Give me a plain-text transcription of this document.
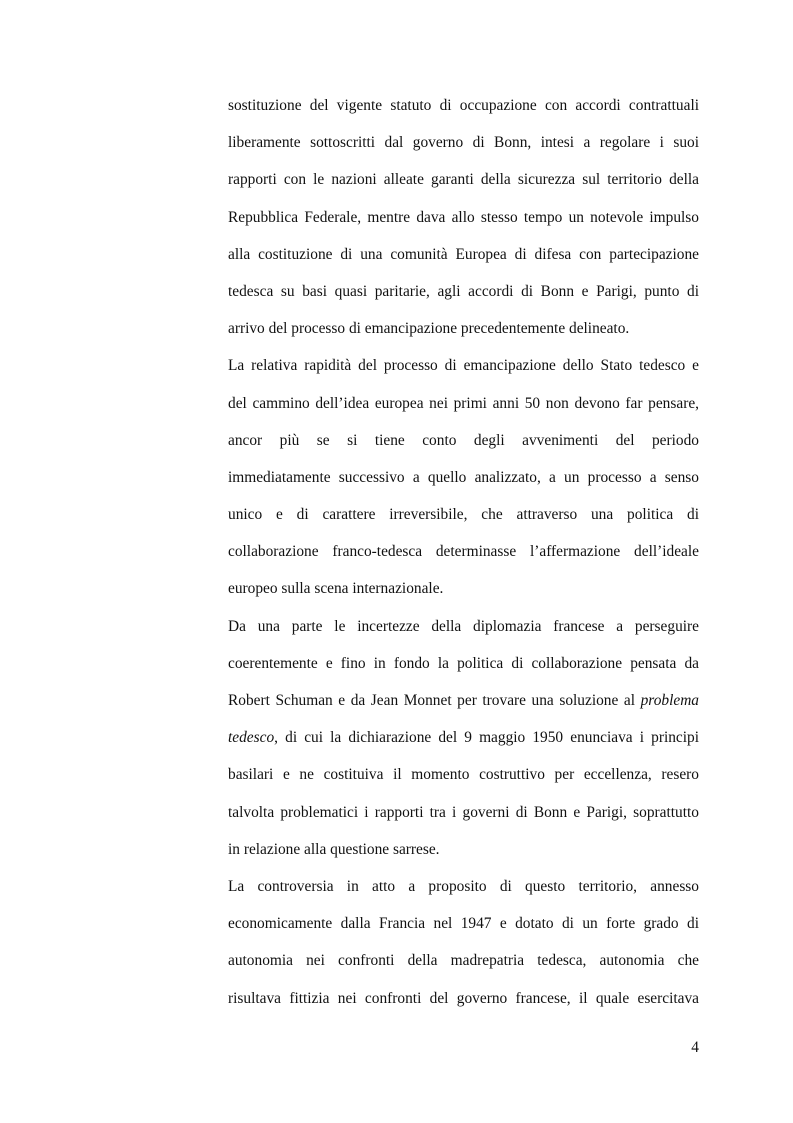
sostituzione del vigente statuto di occupazione con accordi contrattuali
liberamente sottoscritti dal governo di Bonn, intesi a regolare i suoi
rapporti con le nazioni alleate garanti della sicurezza sul territorio della
Repubblica Federale, mentre dava allo stesso tempo un notevole impulso
alla costituzione di una comunità Europea di difesa con partecipazione
tedesca su basi quasi paritarie, agli accordi di Bonn e Parigi, punto di
arrivo del processo di emancipazione precedentemente delineato.
La relativa rapidità del processo di emancipazione dello Stato tedesco e
del cammino dell’idea europea nei primi anni 50 non devono far pensare,
ancor più se si tiene conto degli avvenimenti del periodo
immediatamente successivo a quello analizzato, a un processo a senso
unico e di carattere irreversibile, che attraverso una politica di
collaborazione franco-tedesca determinasse l’affermazione dell’ideale
europeo sulla scena internazionale.
Da una parte le incertezze della diplomazia francese a perseguire
coerentemente e fino in fondo la politica di collaborazione pensata da
Robert Schuman e da Jean Monnet per trovare una soluzione al problema
tedesco, di cui la dichiarazione del 9 maggio 1950 enunciava i principi
basilari e ne costituiva il momento costruttivo per eccellenza, resero
talvolta problematici i rapporti tra i governi di Bonn e Parigi, soprattutto
in relazione alla questione sarrese.
La controversia in atto a proposito di questo territorio, annesso
economicamente dalla Francia nel 1947 e dotato di un forte grado di
autonomia nei confronti della madrepatria tedesca, autonomia che
risultava fittizia nei confronti del governo francese, il quale esercitava
4
